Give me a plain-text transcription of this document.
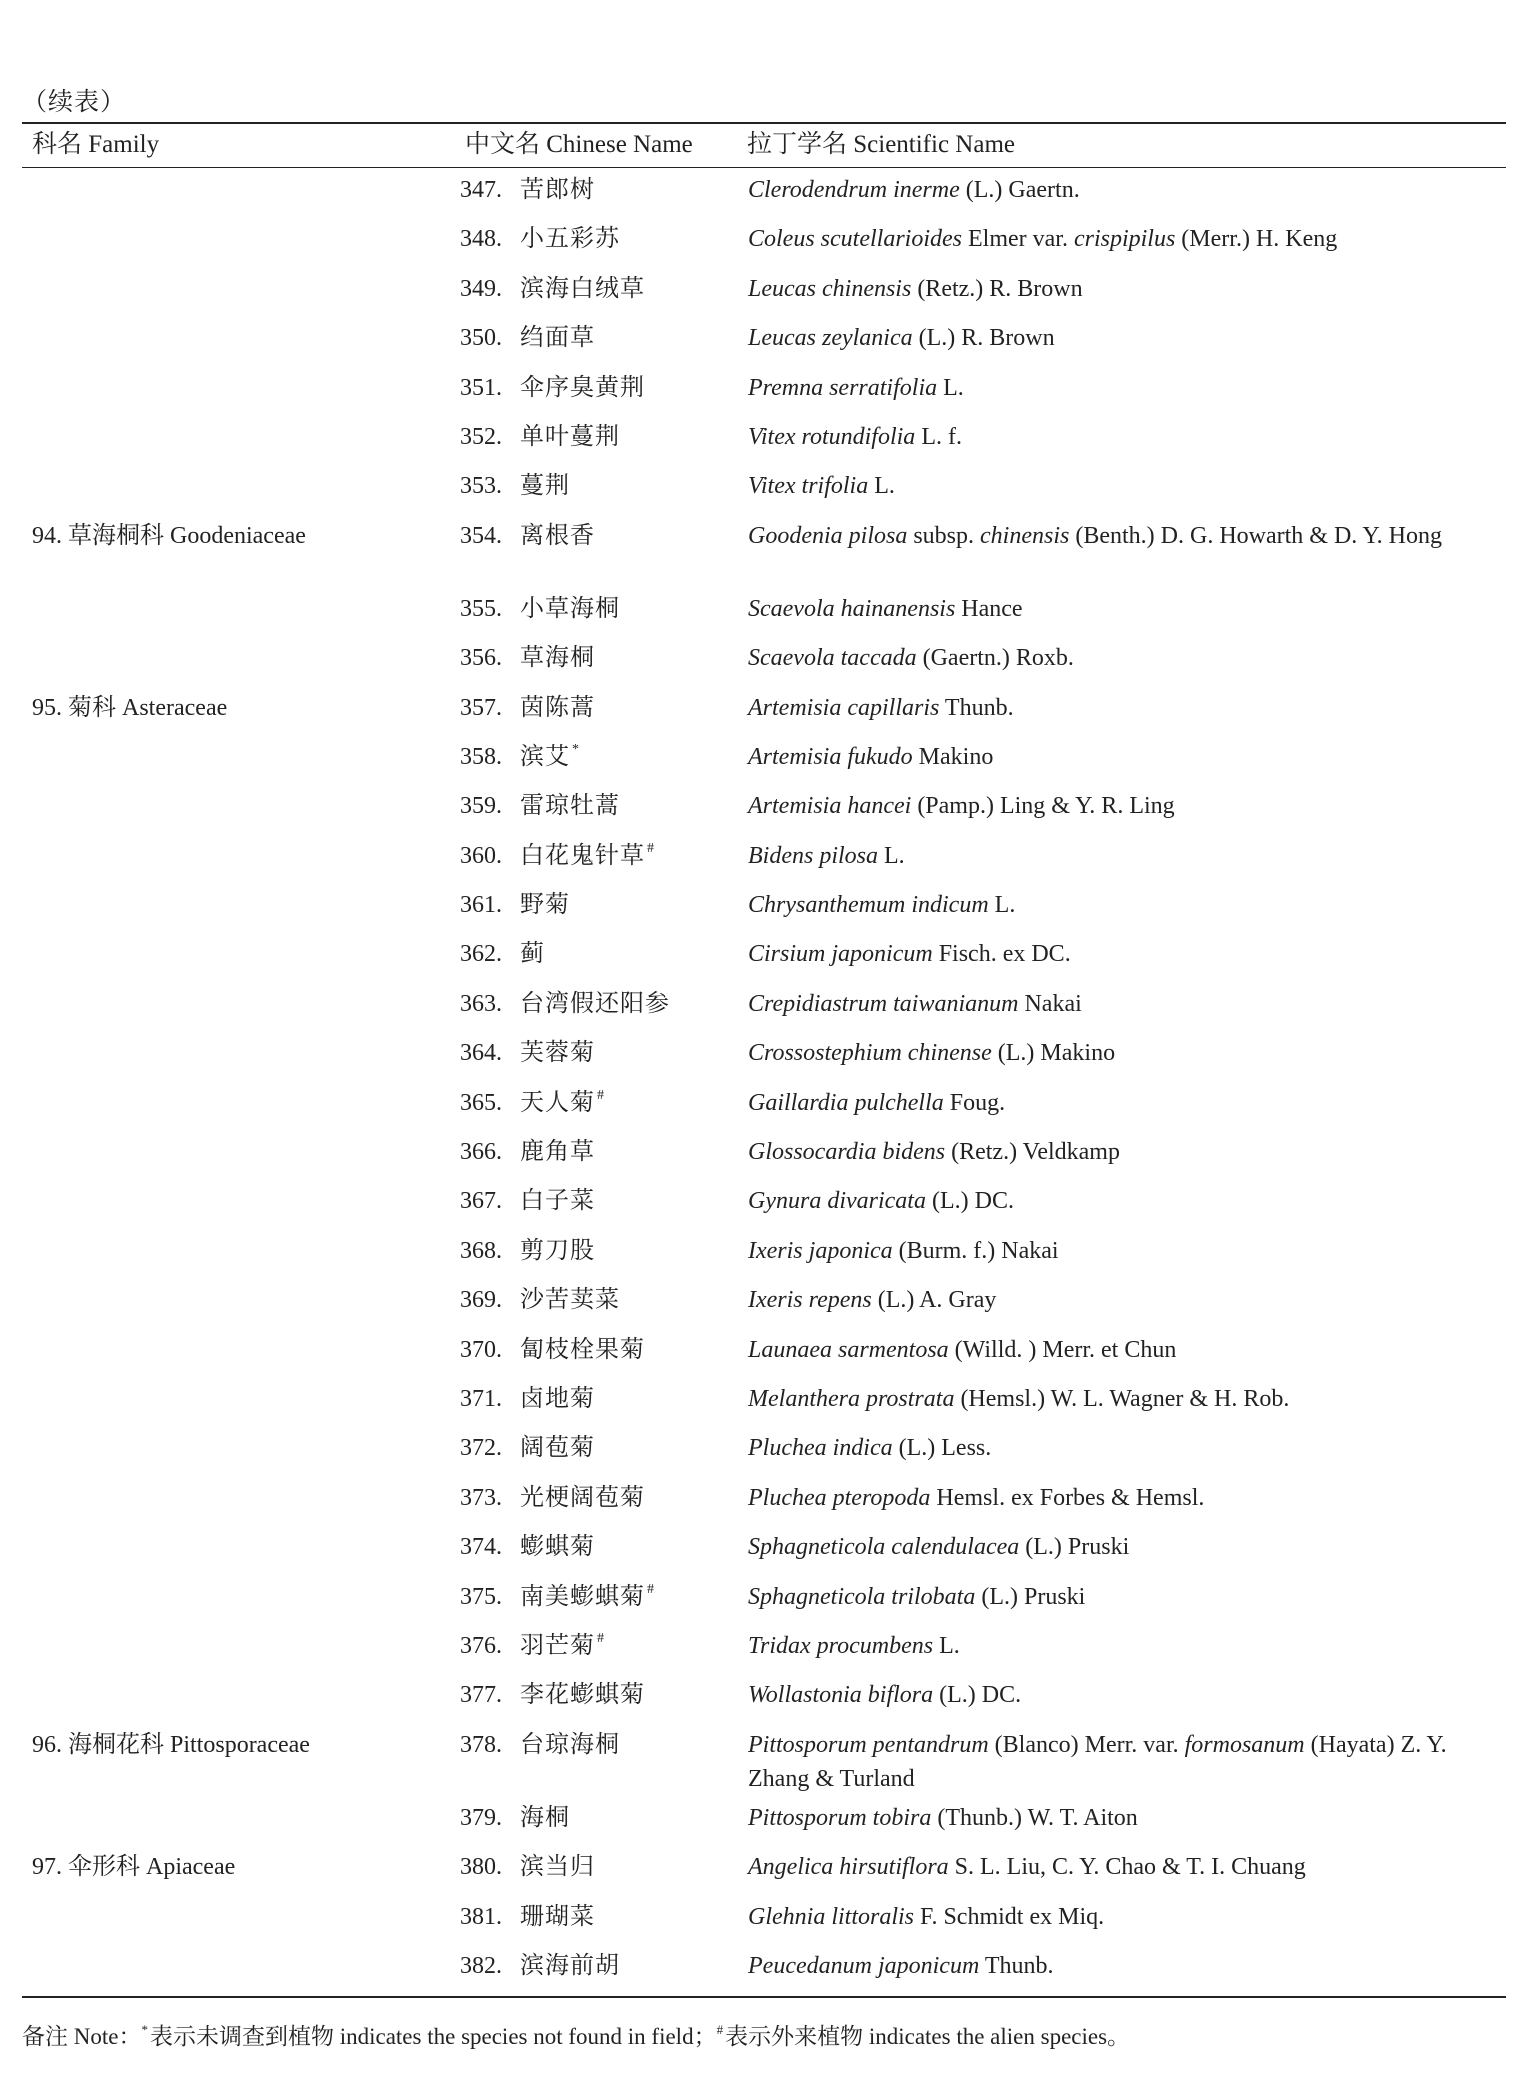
（续表）
科名 Family	中文名 Chinese Name 拉丁学名 Scientific Name
347. 苦郎树	Clerodendrum inerme (L.) Gaertn.
348. 小五彩苏	Coleus scutellarioides Elmer var. crispipilus (Merr.) H. Keng
349. 滨海白绒草	Leucas chinensis (Retz.) R. Brown
350. 绉面草	Leucas zeylanica (L.) R. Brown
351. 伞序臭黄荆	Premna serratifolia L.
352. 单叶蔓荆	Vitex rotundifolia L. f.
353. 蔓荆	Vitex trifolia L.
94. 草海桐科 Goodeniaceae	354. 离根香	Goodenia pilosa subsp. chinensis (Benth.) D. G. Howarth & D. Y. Hong
355. 小草海桐	Scaevola hainanensis Hance
356. 草海桐	Scaevola taccada (Gaertn.) Roxb.
95. 菊科 Asteraceae	357. 茵陈蒿	Artemisia capillaris Thunb.
358. 滨艾 *	Artemisia fukudo Makino
359. 雷琼牡蒿	Artemisia hancei (Pamp.) Ling & Y. R. Ling
360. 白花鬼针草 #	Bidens pilosa L.
361. 野菊	Chrysanthemum indicum L.
362. 蓟	Cirsium japonicum Fisch. ex DC.
363. 台湾假还阳参	Crepidiastrum taiwanianum Nakai
364. 芙蓉菊	Crossostephium chinense (L.) Makino
365. 天人菊 #	Gaillardia pulchella Foug.
366. 鹿角草	Glossocardia bidens (Retz.) Veldkamp
367. 白子菜	Gynura divaricata (L.) DC.
368. 剪刀股	Ixeris japonica (Burm. f.) Nakai
369. 沙苦荬菜	Ixeris repens (L.) A. Gray
370. 匐枝栓果菊	Launaea sarmentosa (Willd. ) Merr. et Chun
371. 卤地菊	Melanthera prostrata (Hemsl.) W. L. Wagner & H. Rob.
372. 阔苞菊	Pluchea indica (L.) Less.
373. 光梗阔苞菊	Pluchea pteropoda Hemsl. ex Forbes & Hemsl.
374. 蟛蜞菊	Sphagneticola calendulacea (L.) Pruski
375. 南美蟛蜞菊 #	Sphagneticola trilobata (L.) Pruski
376. 羽芒菊 #	Tridax procumbens L.
377. 李花蟛蜞菊	Wollastonia biflora (L.) DC.
96. 海桐花科 Pittosporaceae	378. 台琼海桐	Pittosporum pentandrum (Blanco) Merr. var. formosanum (Hayata) Z. Y. Zhang & Turland
379. 海桐	Pittosporum tobira (Thunb.) W. T. Aiton
97. 伞形科 Apiaceae	380. 滨当归	Angelica hirsutiflora S. L. Liu, C. Y. Chao & T. I. Chuang
381. 珊瑚菜	Glehnia littoralis F. Schmidt ex Miq.
382. 滨海前胡	Peucedanum japonicum Thunb.
备注 Note：*表示未调查到植物 indicates the species not found in field；#表示外来植物 indicates the alien species。
